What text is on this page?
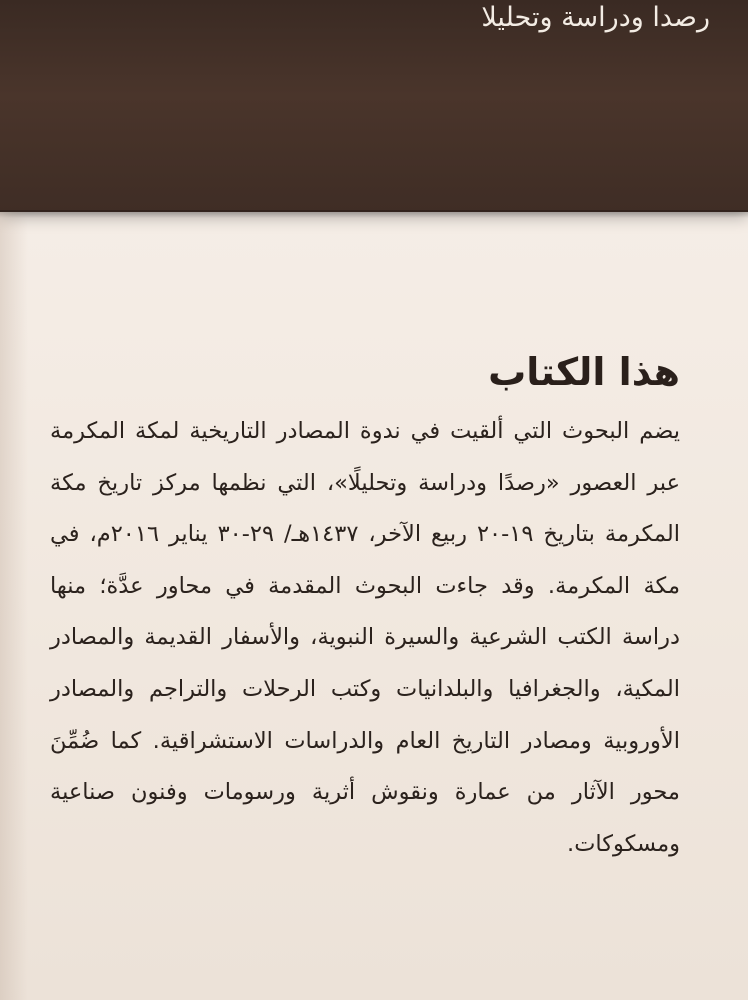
رصدا ودراسة وتحليلا
هذا الكتاب

يضم البحوث التي ألقيت في ندوة المصادر التاريخية لمكة المكرمة عبر العصور «رصدًا ودراسة وتحليلًا»، التي نظمها مركز تاريخ مكة المكرمة بتاريخ ١٩-٢٠ ربيع الآخر، ١٤٣٧هـ/ ٢٩-٣٠ يناير ٢٠١٦م، في مكة المكرمة. وقد جاءت البحوث المقدمة في محاور عدَّة؛ منها دراسة الكتب الشرعية والسيرة النبوية، والأسفار القديمة والمصادر المكية، والجغرافيا والبلدانيات وكتب الرحلات والتراجم والمصادر الأوروبية ومصادر التاريخ العام والدراسات الاستشراقية. كما ضُمِّنَ محور الآثار من عمارة ونقوش أثرية ورسومات وفنون صناعية ومسكوكات.
